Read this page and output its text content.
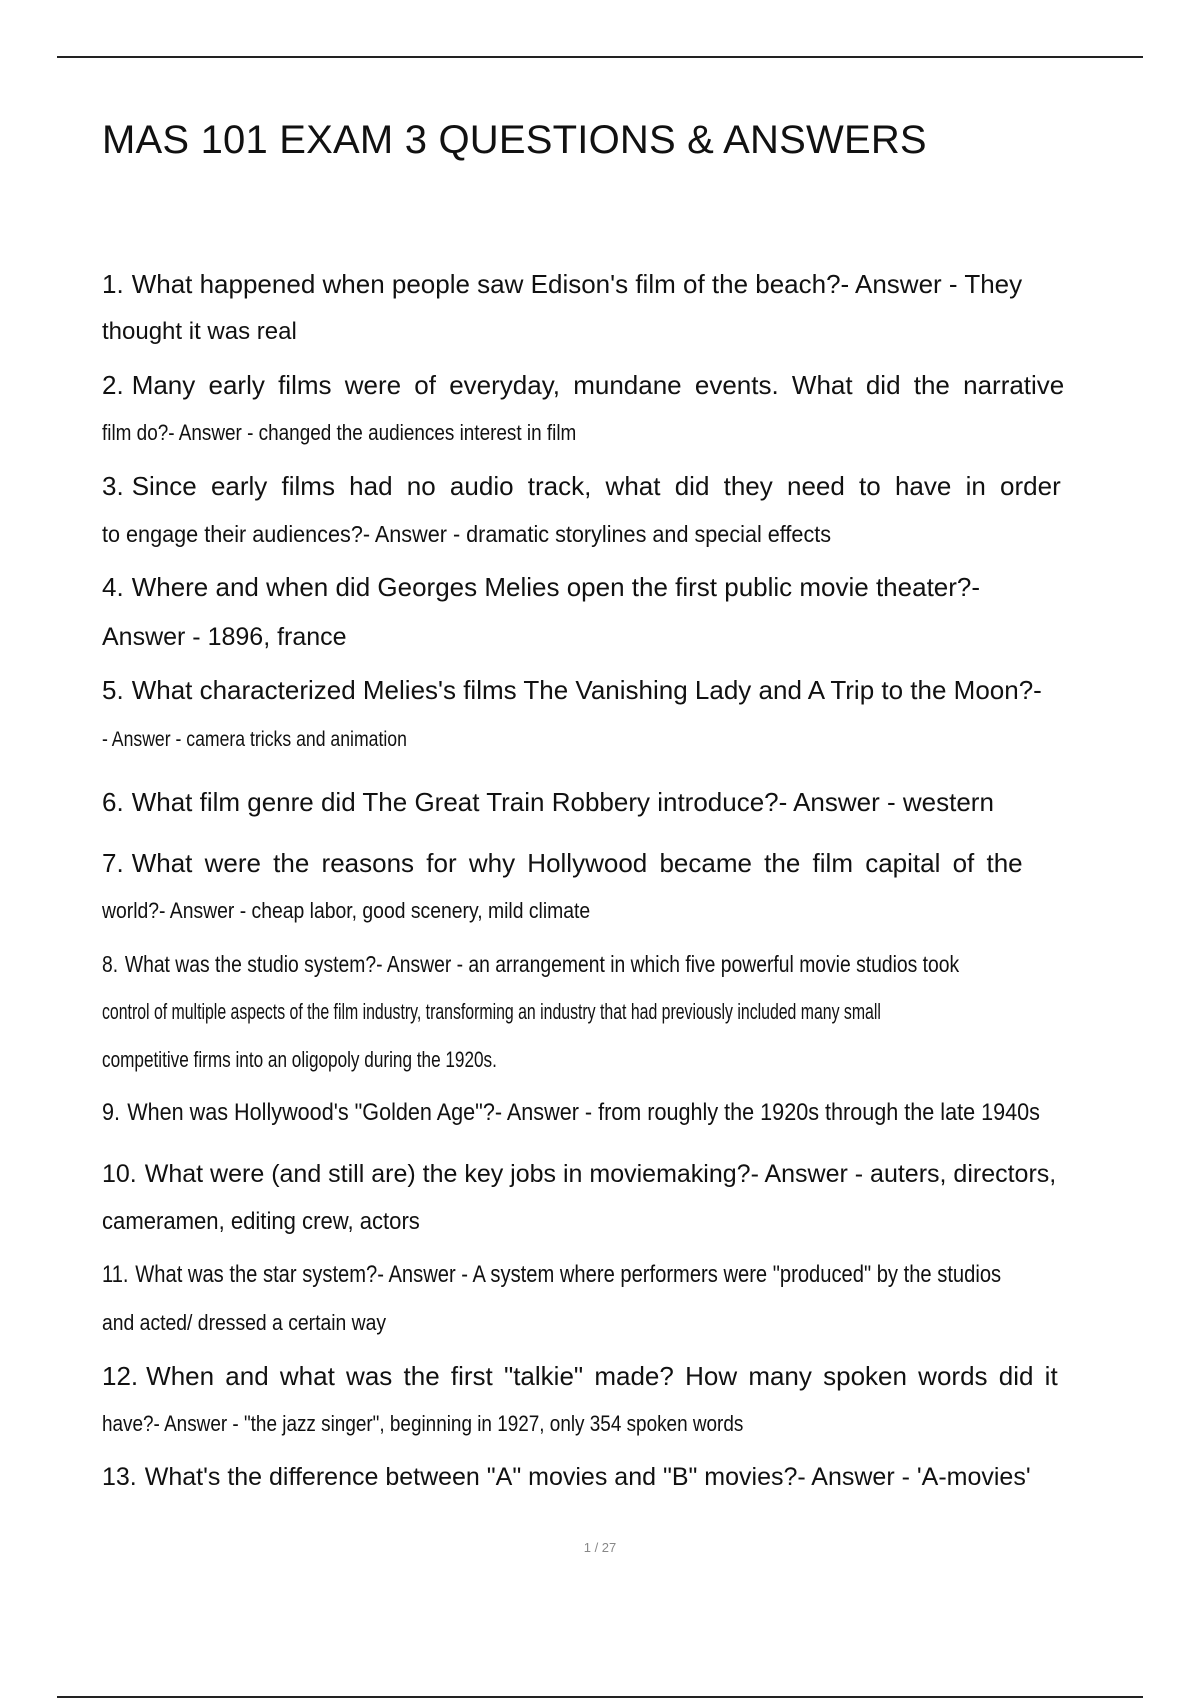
MAS 101 EXAM 3 QUESTIONS & ANSWERS
1. What happened when people saw Edison's film of the beach?- Answer - They
thought it was real
2. Many early films were of everyday, mundane events. What did the narrative
film do?- Answer - changed the audiences interest in film
3. Since early films had no audio track, what did they need to have in order
to engage their audiences?- Answer - dramatic storylines and special effects
4. Where and when did Georges Melies open the first public movie theater?-
Answer - 1896, france
5. What characterized Melies's films The Vanishing Lady and A Trip to the Moon?-
- Answer - camera tricks and animation
6. What film genre did The Great Train Robbery introduce?- Answer - western
7. What were the reasons for why Hollywood became the film capital of the
world?- Answer - cheap labor, good scenery, mild climate
8. What was the studio system?- Answer - an arrangement in which five powerful movie studios took
control of multiple aspects of the film industry, transforming an industry that had previously included many small
competitive firms into an oligopoly during the 1920s.
9. When was Hollywood's "Golden Age"?- Answer - from roughly the 1920s through the late 1940s
10. What were (and still are) the key jobs in moviemaking?- Answer - auters, directors,
cameramen, editing crew, actors
11. What was the star system?- Answer - A system where performers were "produced" by the studios
and acted/ dressed a certain way
12. When and what was the first "talkie" made? How many spoken words did it
have?- Answer - "the jazz singer", beginning in 1927, only 354 spoken words
13. What's the difference between "A" movies and "B" movies?- Answer - 'A-movies'
1 / 27
